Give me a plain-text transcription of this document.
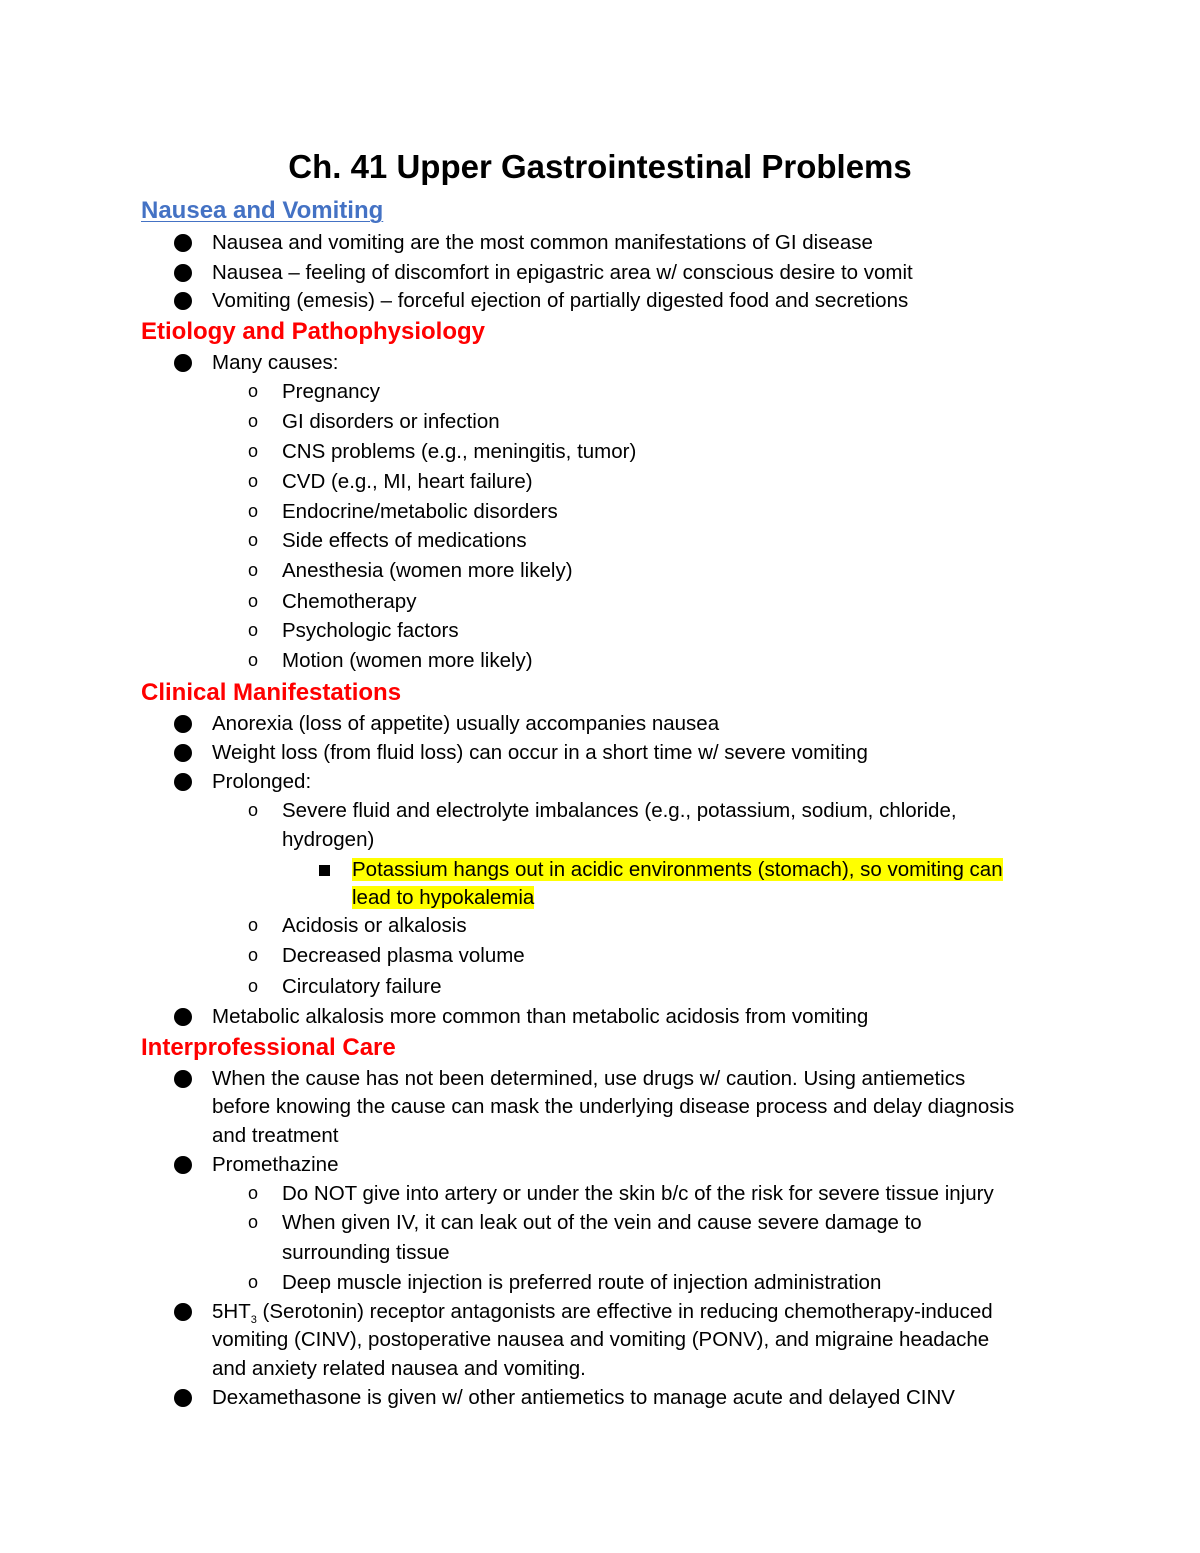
Ch. 41 Upper Gastrointestinal Problems
Nausea and Vomiting
Nausea and vomiting are the most common manifestations of GI disease
Nausea – feeling of discomfort in epigastric area w/ conscious desire to vomit
Vomiting (emesis) – forceful ejection of partially digested food and secretions
Etiology and Pathophysiology
Many causes:
o Pregnancy
o GI disorders or infection
o CNS problems (e.g., meningitis, tumor)
o CVD (e.g., MI, heart failure)
o Endocrine/metabolic disorders
o Side effects of medications
o Anesthesia (women more likely)
o Chemotherapy
o Psychologic factors
o Motion (women more likely)
Clinical Manifestations
Anorexia (loss of appetite) usually accompanies nausea
Weight loss (from fluid loss) can occur in a short time w/ severe vomiting
Prolonged:
o Severe fluid and electrolyte imbalances (e.g., potassium, sodium, chloride,
hydrogen)
Potassium hangs out in acidic environments (stomach), so vomiting can
lead to hypokalemia
o Acidosis or alkalosis
o Decreased plasma volume
o Circulatory failure
Metabolic alkalosis more common than metabolic acidosis from vomiting
Interprofessional Care
When the cause has not been determined, use drugs w/ caution. Using antiemetics
before knowing the cause can mask the underlying disease process and delay diagnosis
and treatment
Promethazine
o Do NOT give into artery or under the skin b/c of the risk for severe tissue injury
o When given IV, it can leak out of the vein and cause severe damage to
surrounding tissue
o Deep muscle injection is preferred route of injection administration
$5HT_3$ (Serotonin) receptor antagonists are effective in reducing chemotherapy-induced
vomiting (CINV), postoperative nausea and vomiting (PONV), and migraine headache
and anxiety related nausea and vomiting.
Dexamethasone is given w/ other antiemetics to manage acute and delayed CINV
